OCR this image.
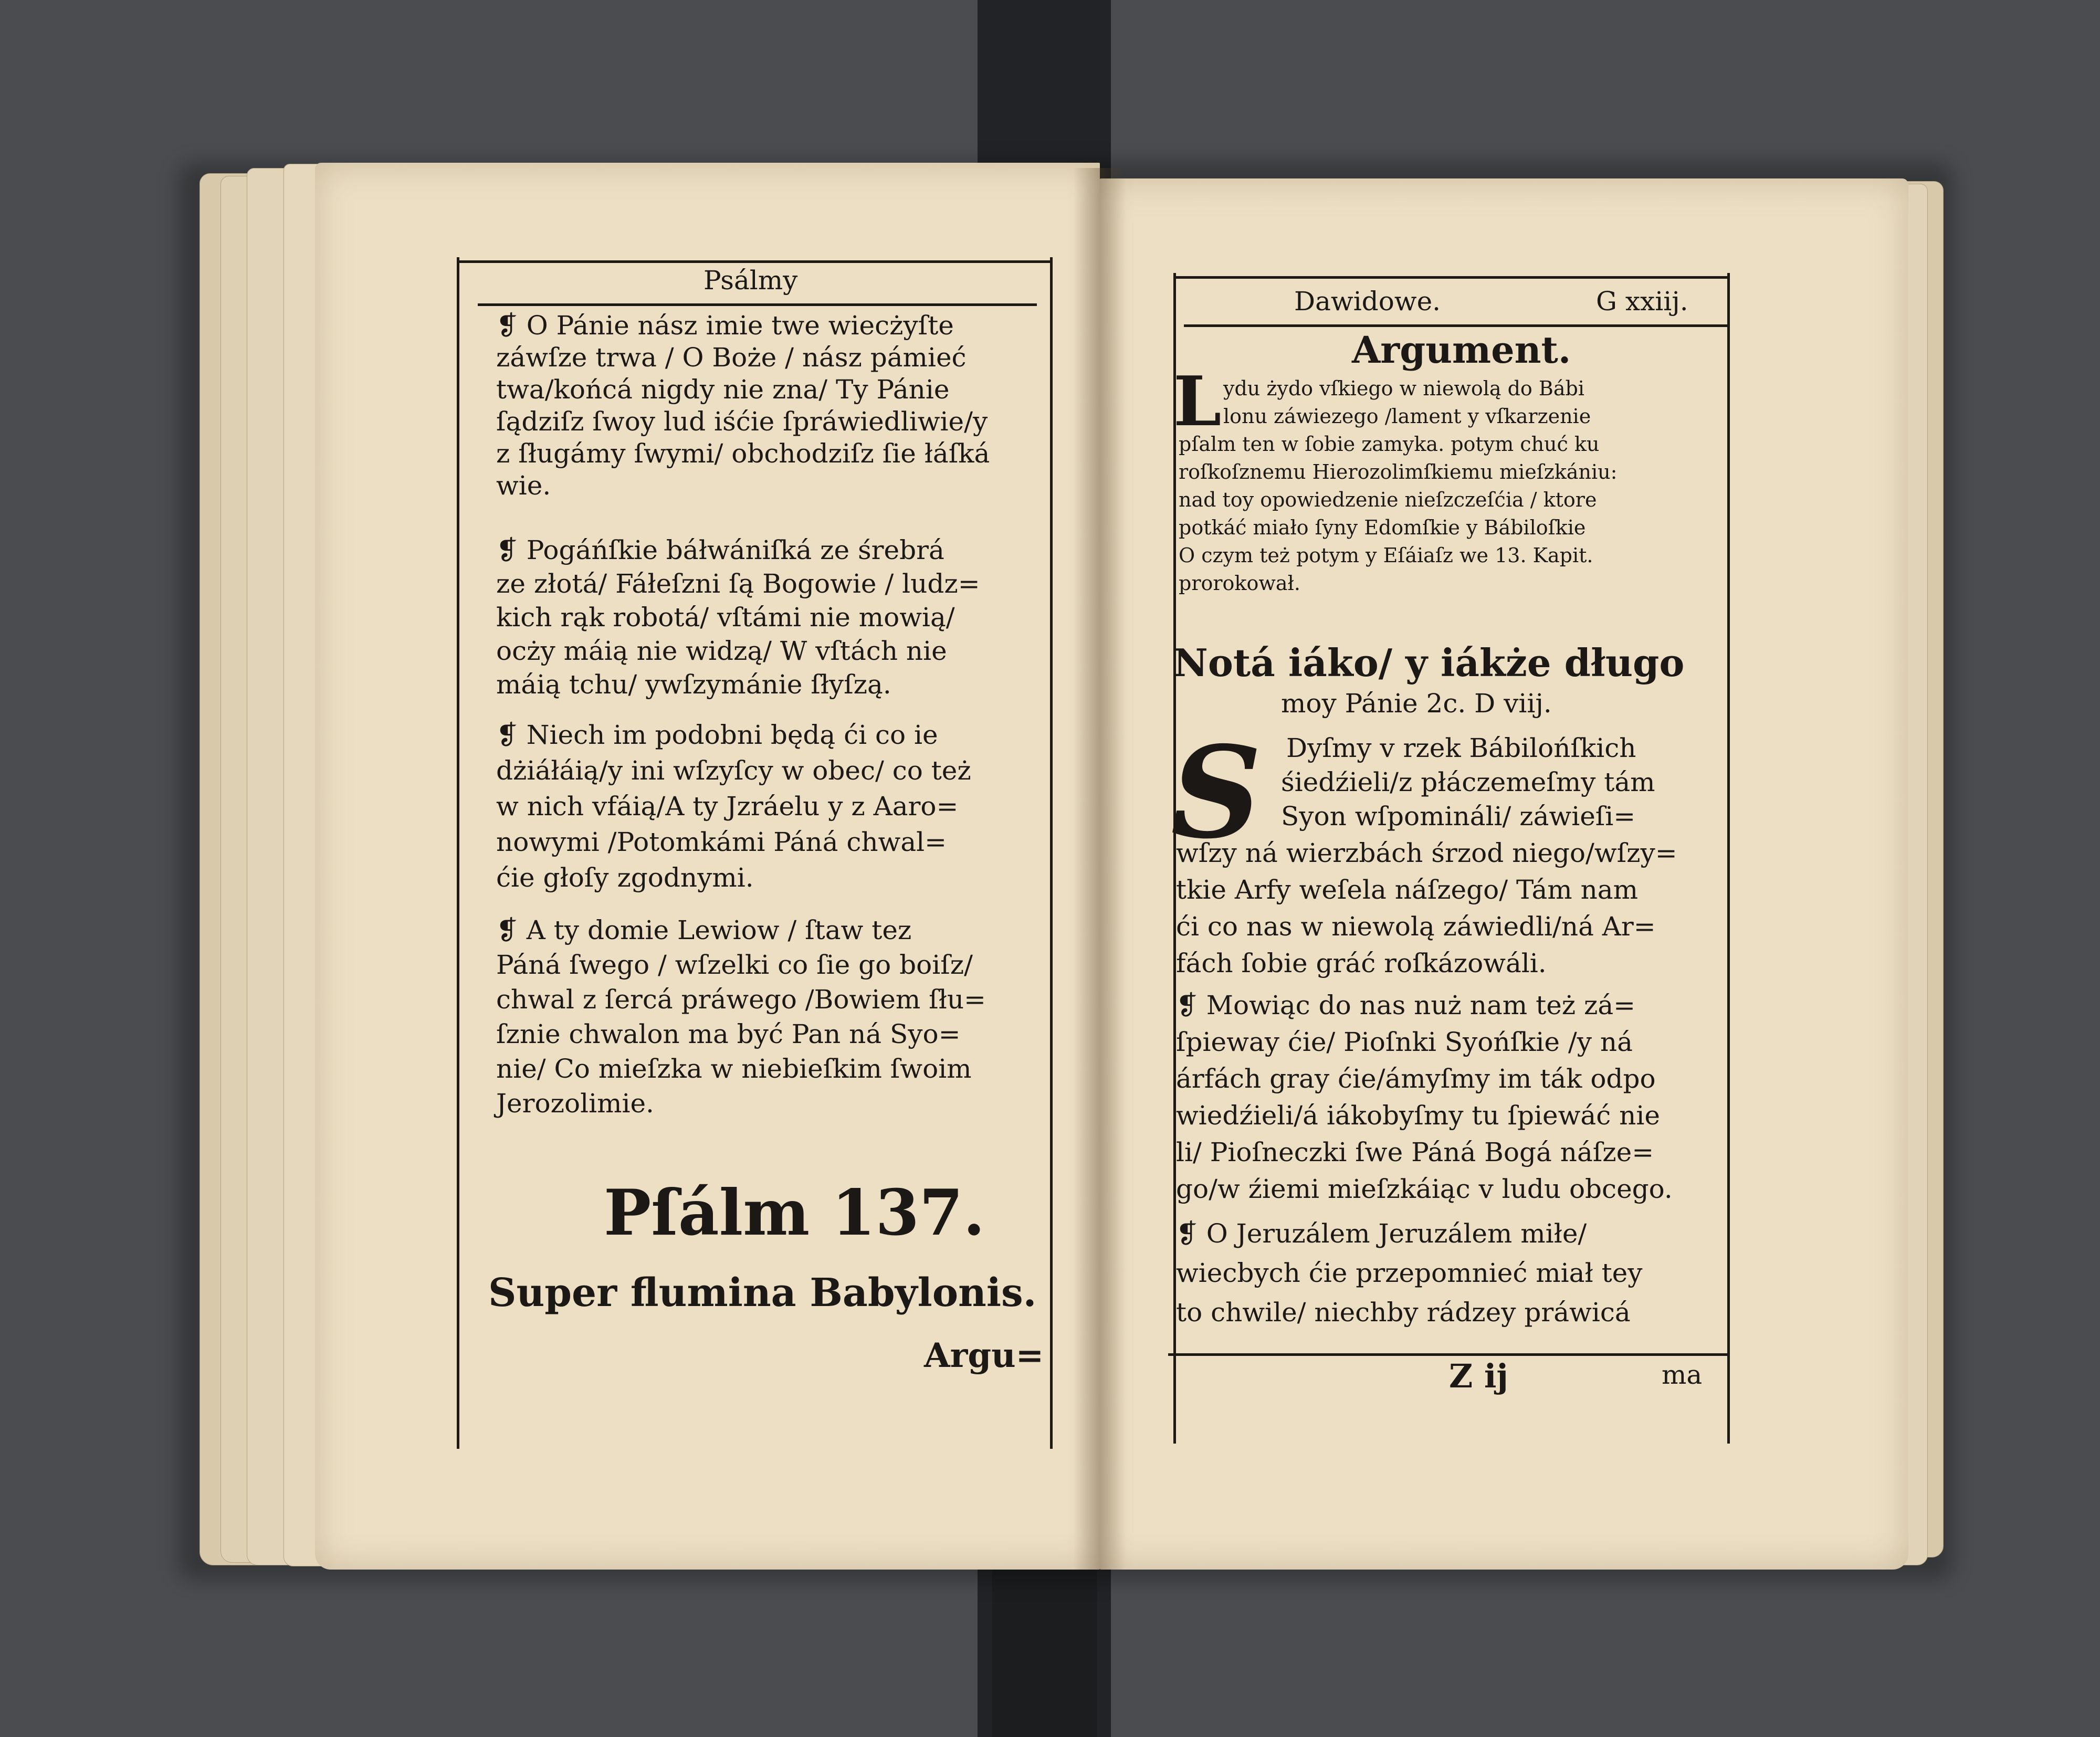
Psálmy

❡ O Pánie nász imie twe wiecżyſte

záwſze trwa / O Boże / nász pámieć

twa/końcá nigdy nie zna/ Ty Pánie

ſądziſz ſwoy lud iśćie ſpráwiedliwie/y

z ſługámy ſwymi/ obchodziſz ſie łáſká

wie.

❡ Pogáńſkie báłwániſká ze śrebrá

ze złotá/ Fáłeſzni ſą Bogowie / ludz=

kich rąk robotá/ vſtámi nie mowią/

ocży máią nie widzą/ W vſtách nie

máią tchu/ ywſzymánie ſłyſzą.

❡ Niech im podobni będą ći co ie

dżiáłáią/y ini wſzyſcy w obec/ co też

w nich vfáią/A ty Jzráelu y z Aaro=

nowymi /Potomkámi Páná chwal=

ćie głoſy zgodnymi.

❡ A ty domie Lewiow / ſtaw tez

Páná ſwego / wſzelki co ſie go boiſz/

chwal z ſercá práwego /Bowiem ſłu=

ſznie chwalon ma być Pan ná Syo=

nie/ Co mieſzka w niebieſkim ſwoim

Jerozolimie.

Pſálm 137.

Super flumina Babylonis.

Argu=

Dawidowe.	G xxiij.

Argument.

L ydu żydo vſkiego w niewolą do Bábi

lonu záwiezego /lament y vſkarzenie

pſalm ten w ſobie zamyka. potym chuć ku

roſkoſznemu Hierozolimſkiemu mieſzkániu:

nad toy opowiedzenie nieſzczeſćia / ktore

potkáć miało ſyny Edomſkie y Bábiloſkie

O czym też potym y Eſáiaſz we 13. Kapit.

prorokował.

Notá iáko/ y iákże długo

moy Pánie 2c. D viij.

S Dyſmy v rzek Bábilońſkich

śiedźieli/z płáczemeſmy tám

Syon wſpomináli/ záwieſi=

wſzy ná wierzbách śrzod niego/wſzy=

tkie Arfy weſela náſzego/ Tám nam

ći co nas w niewolą záwiedli/ná Ar=

fách ſobie gráć roſkázowáli.

❡ Mowiąc do nas nuż nam też zá=

ſpieway ćie/ Pioſnki Syońſkie /y ná

árfách gray ćie/ámyſmy im ták odpo

wiedźieli/á iákobyſmy tu ſpiewáć nie

li/ Pioſneczki ſwe Páná Bogá náſze=

go/w źiemi mieſzkáiąc v ludu obcego.

❡ O Jeruzálem Jeruzálem miłe/

wiecbych ćie przepomnieć miał tey

to chwile/ niechby rádzey práwicá

Z ij	ma
